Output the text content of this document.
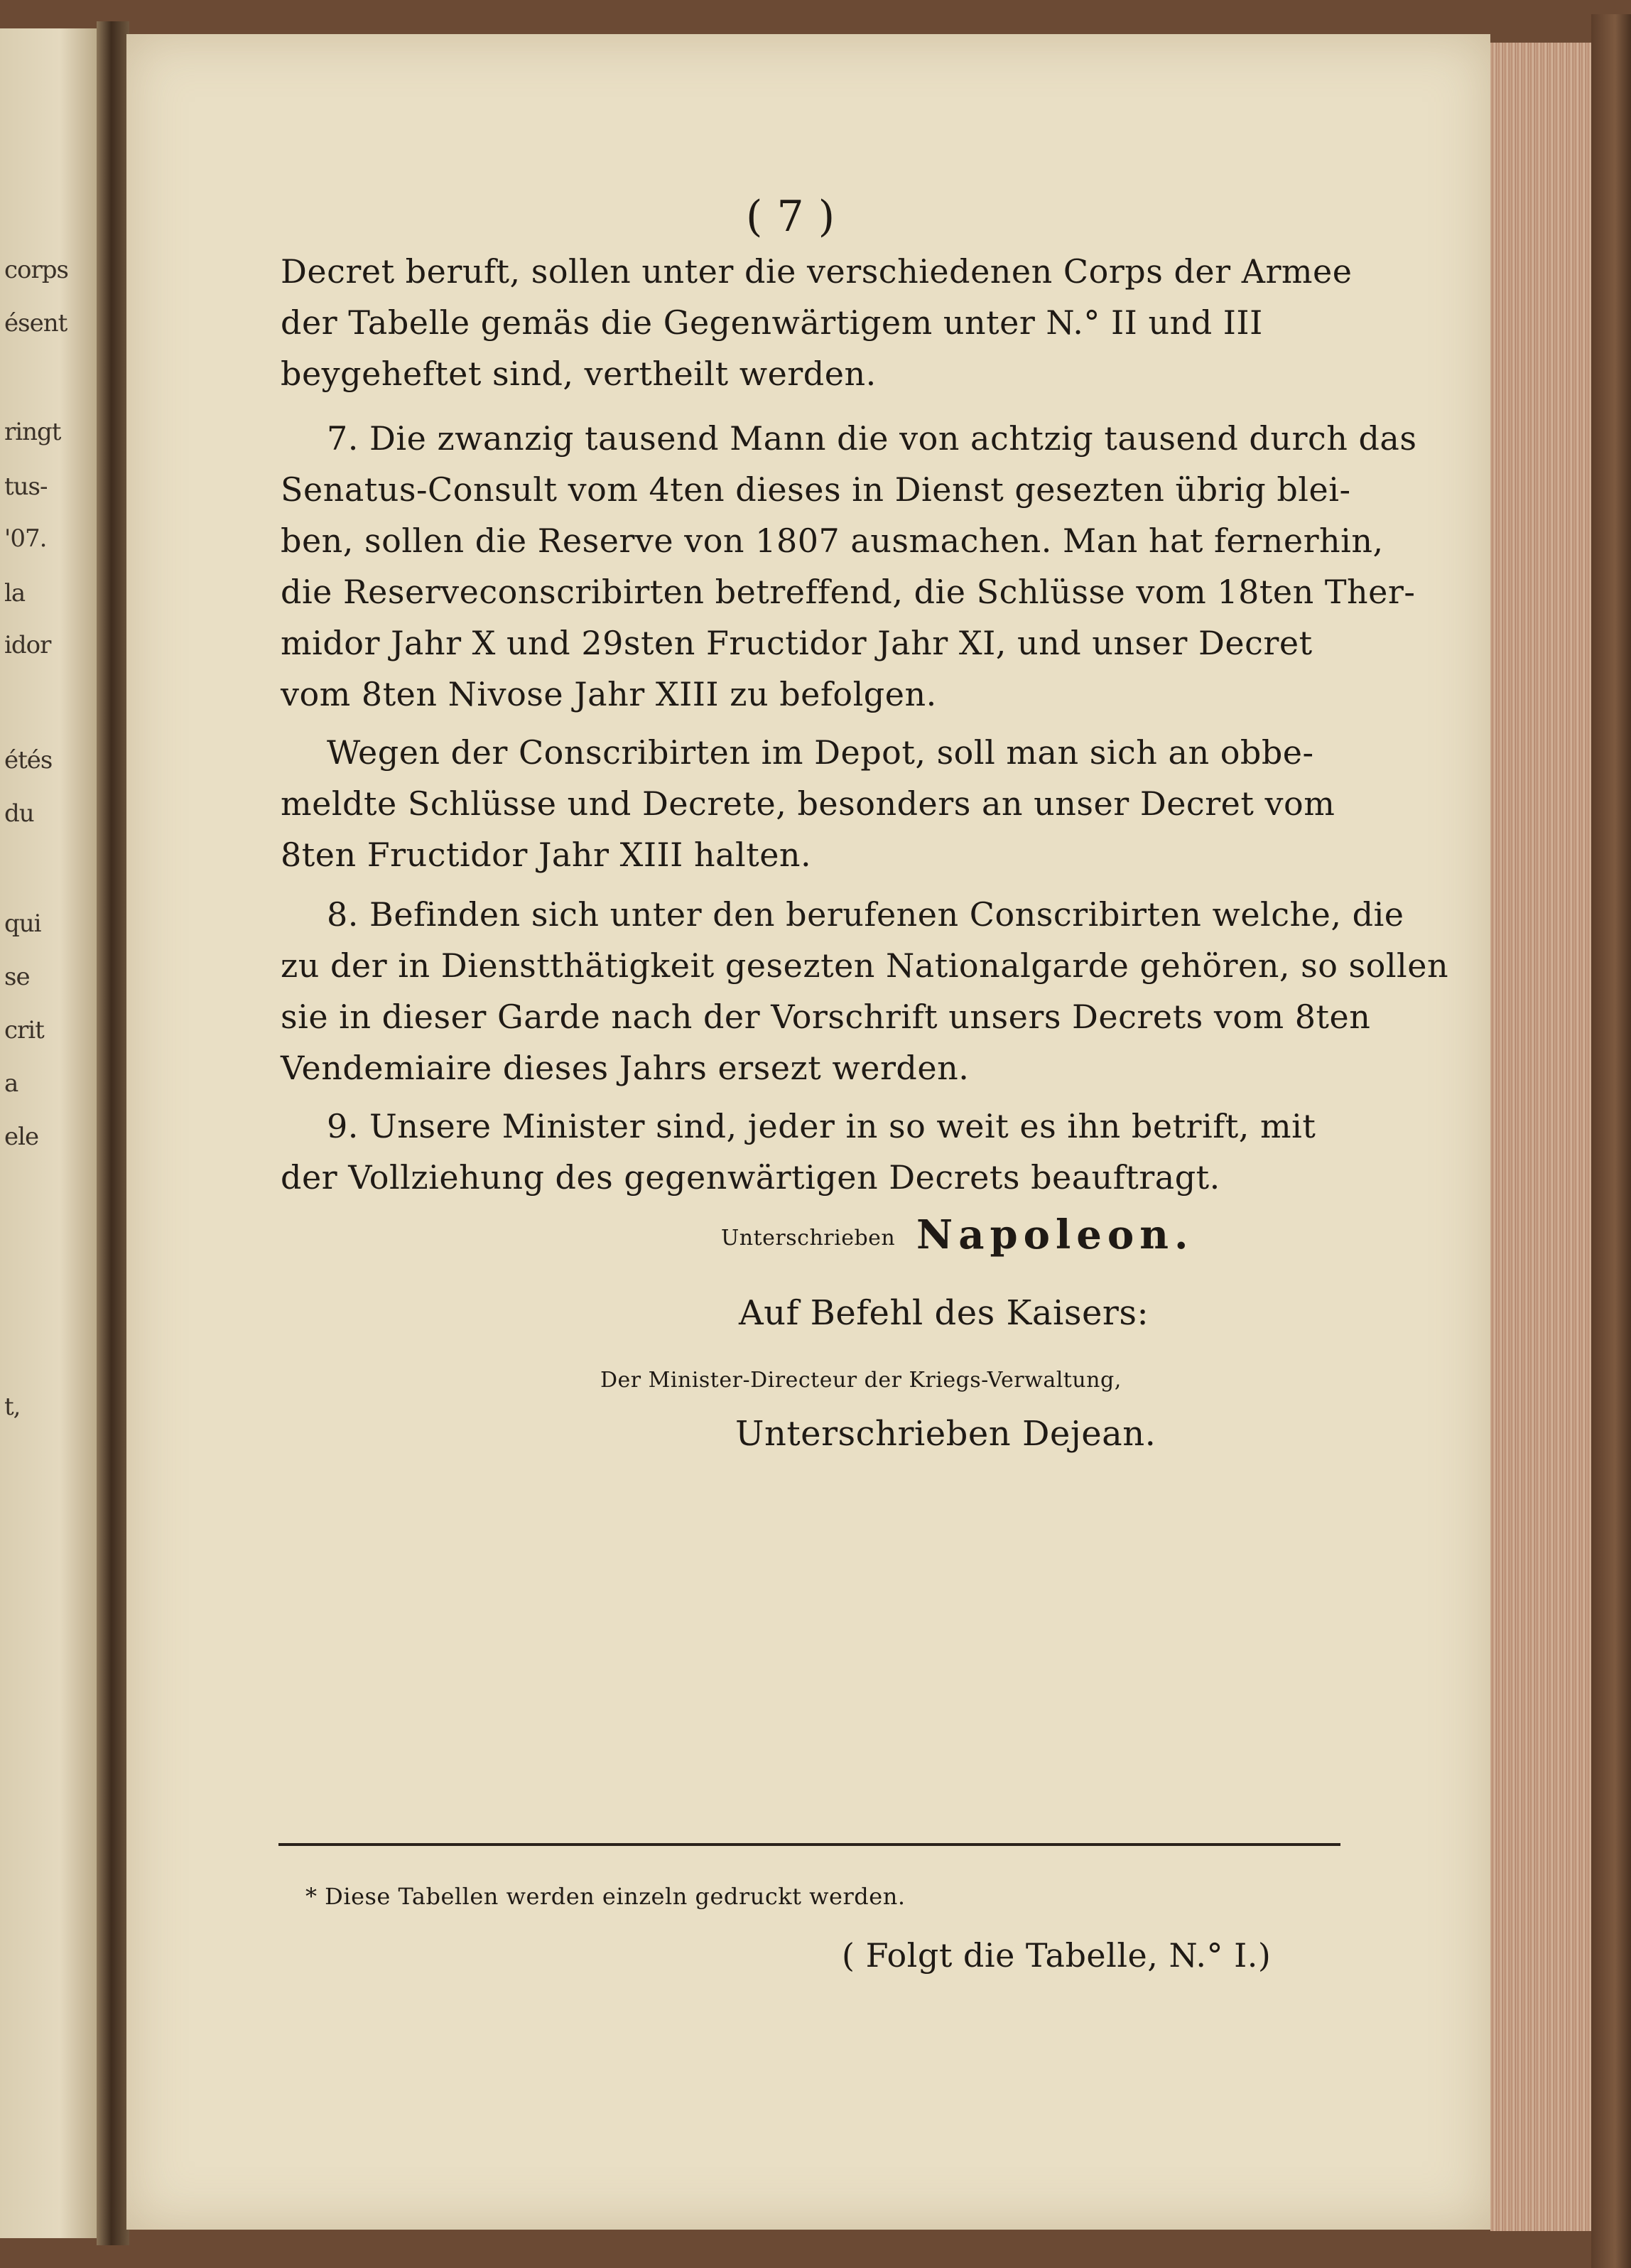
corps
ésent
ringt
tus-
'07.
la
idor
étés
du
qui
se
crit
a
ele
t,
( 7 )
Decret beruft, sollen unter die verschiedenen Corps der Armee
der Tabelle gemäs die Gegenwärtigem unter N.° II und III
beygeheftet sind, vertheilt werden.
7. Die zwanzig tausend Mann die von achtzig tausend durch das
Senatus-Consult vom 4ten dieses in Dienst gesezten übrig blei-
ben, sollen die Reserve von 1807 ausmachen. Man hat fernerhin,
die Reserveconscribirten betreffend, die Schlüsse vom 18ten Ther-
midor Jahr X und 29sten Fructidor Jahr XI, und unser Decret
vom 8ten Nivose Jahr XIII zu befolgen.
Wegen der Conscribirten im Depot, soll man sich an obbe-
meldte Schlüsse und Decrete, besonders an unser Decret vom
8ten Fructidor Jahr XIII halten.
8. Befinden sich unter den berufenen Conscribirten welche, die
zu der in Dienstthätigkeit gesezten Nationalgarde gehören, so sollen
sie in dieser Garde nach der Vorschrift unsers Decrets vom 8ten
Vendemiaire dieses Jahrs ersezt werden.
9. Unsere Minister sind, jeder in so weit es ihn betrift, mit
der Vollziehung des gegenwärtigen Decrets beauftragt.
Unterschrieben Napoleon.
Auf Befehl des Kaisers:
Der Minister-Directeur der Kriegs-Verwaltung,
Unterschrieben Dejean.
* Diese Tabellen werden einzeln gedruckt werden.
( Folgt die Tabelle, N.° I.)
